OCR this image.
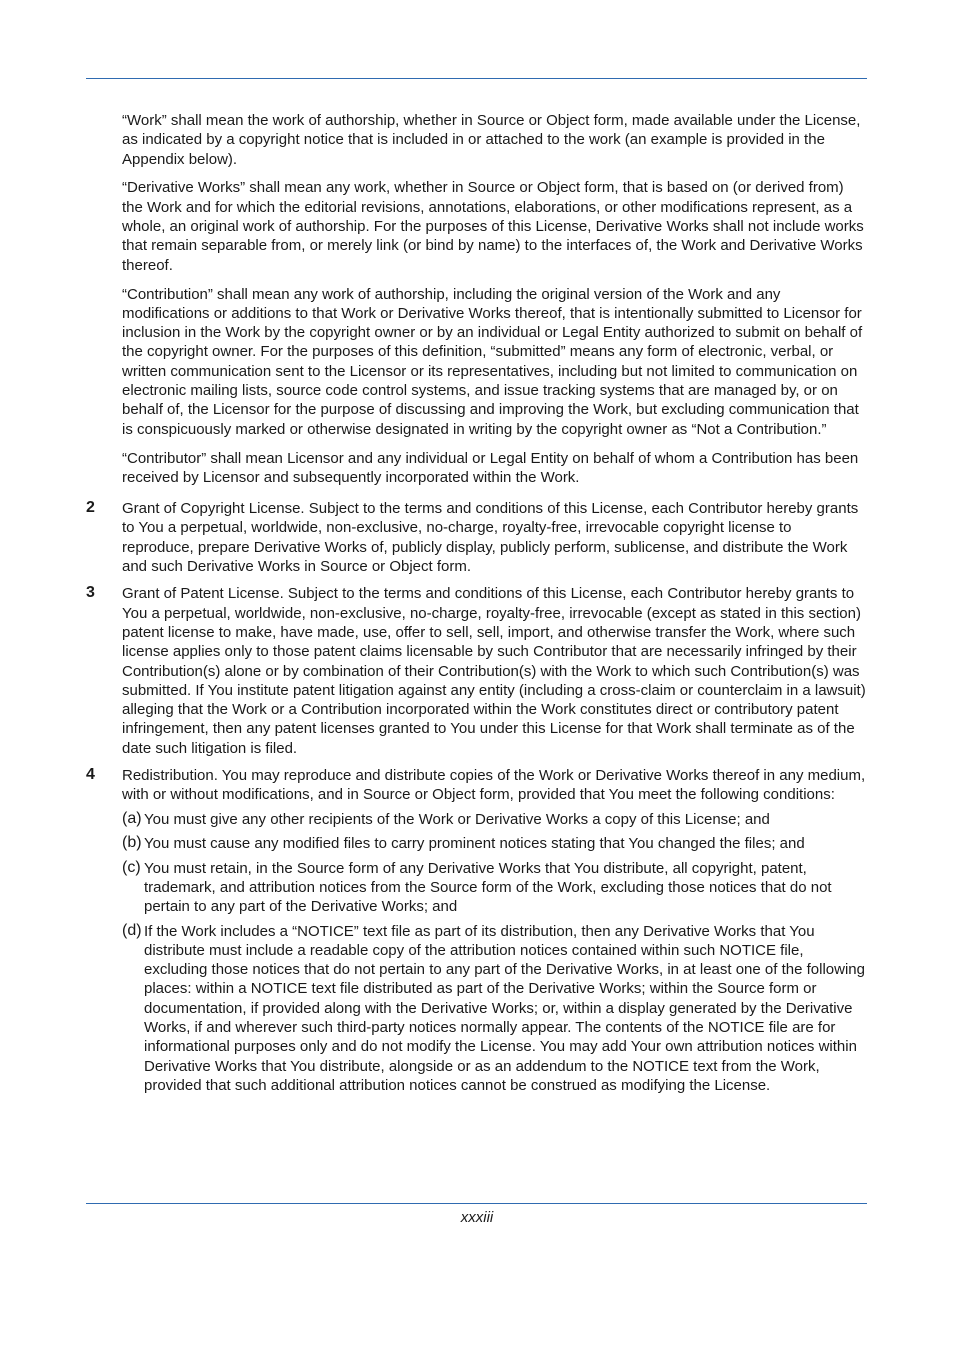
“Work” shall mean the work of authorship, whether in Source or Object form, made available under the License, as indicated by a copyright notice that is included in or attached to the work (an example is provided in the Appendix below).

“Derivative Works” shall mean any work, whether in Source or Object form, that is based on (or derived from) the Work and for which the editorial revisions, annotations, elaborations, or other modifications represent, as a whole, an original work of authorship. For the purposes of this License, Derivative Works shall not include works that remain separable from, or merely link (or bind by name) to the interfaces of, the Work and Derivative Works thereof.

“Contribution” shall mean any work of authorship, including the original version of the Work and any modifications or additions to that Work or Derivative Works thereof, that is intentionally submitted to Licensor for inclusion in the Work by the copyright owner or by an individual or Legal Entity authorized to submit on behalf of the copyright owner. For the purposes of this definition, “submitted” means any form of electronic, verbal, or written communication sent to the Licensor or its representatives, including but not limited to communication on electronic mailing lists, source code control systems, and issue tracking systems that are managed by, or on behalf of, the Licensor for the purpose of discussing and improving the Work, but excluding communication that is conspicuously marked or otherwise designated in writing by the copyright owner as “Not a Contribution.”

“Contributor” shall mean Licensor and any individual or Legal Entity on behalf of whom a Contribution has been received by Licensor and subsequently incorporated within the Work.

2 Grant of Copyright License. Subject to the terms and conditions of this License, each Contributor hereby grants to You a perpetual, worldwide, non-exclusive, no-charge, royalty-free, irrevocable copyright license to reproduce, prepare Derivative Works of, publicly display, publicly perform, sublicense, and distribute the Work and such Derivative Works in Source or Object form.

3 Grant of Patent License. Subject to the terms and conditions of this License, each Contributor hereby grants to You a perpetual, worldwide, non-exclusive, no-charge, royalty-free, irrevocable (except as stated in this section) patent license to make, have made, use, offer to sell, sell, import, and otherwise transfer the Work, where such license applies only to those patent claims licensable by such Contributor that are necessarily infringed by their Contribution(s) alone or by combination of their Contribution(s) with the Work to which such Contribution(s) was submitted. If You institute patent litigation against any entity (including a cross-claim or counterclaim in a lawsuit) alleging that the Work or a Contribution incorporated within the Work constitutes direct or contributory patent infringement, then any patent licenses granted to You under this License for that Work shall terminate as of the date such litigation is filed.

4 Redistribution. You may reproduce and distribute copies of the Work or Derivative Works thereof in any medium, with or without modifications, and in Source or Object form, provided that You meet the following conditions:

(a) You must give any other recipients of the Work or Derivative Works a copy of this License; and

(b) You must cause any modified files to carry prominent notices stating that You changed the files; and

(c) You must retain, in the Source form of any Derivative Works that You distribute, all copyright, patent, trademark, and attribution notices from the Source form of the Work, excluding those notices that do not pertain to any part of the Derivative Works; and

(d) If the Work includes a “NOTICE” text file as part of its distribution, then any Derivative Works that You distribute must include a readable copy of the attribution notices contained within such NOTICE file, excluding those notices that do not pertain to any part of the Derivative Works, in at least one of the following places: within a NOTICE text file distributed as part of the Derivative Works; within the Source form or documentation, if provided along with the Derivative Works; or, within a display generated by the Derivative Works, if and wherever such third-party notices normally appear. The contents of the NOTICE file are for informational purposes only and do not modify the License. You may add Your own attribution notices within Derivative Works that You distribute, alongside or as an addendum to the NOTICE text from the Work, provided that such additional attribution notices cannot be construed as modifying the License.

xxxiii
